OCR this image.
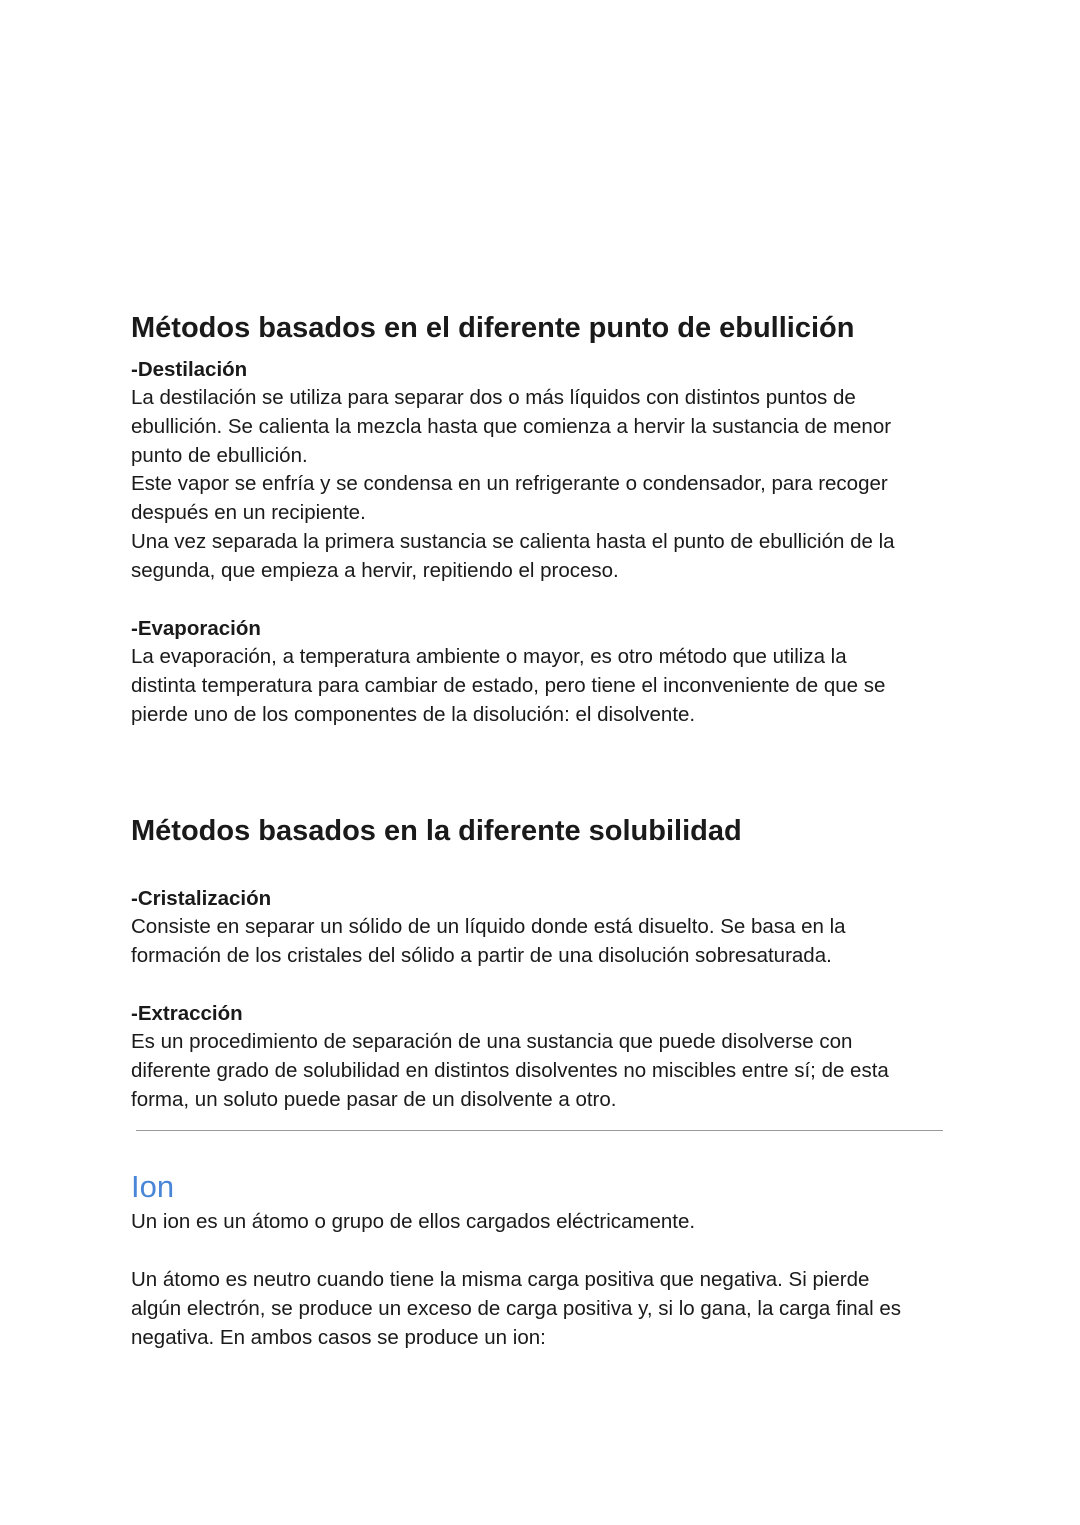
Métodos basados en el diferente punto de ebullición
-Destilación
La destilación se utiliza para separar dos o más líquidos con distintos puntos de
ebullición. Se calienta la mezcla hasta que comienza a hervir la sustancia de menor
punto de ebullición.
Este vapor se enfría y se condensa en un refrigerante o condensador, para recoger
después en un recipiente.
Una vez separada la primera sustancia se calienta hasta el punto de ebullición de la
segunda, que empieza a hervir, repitiendo el proceso.
-Evaporación
La evaporación, a temperatura ambiente o mayor, es otro método que utiliza la
distinta temperatura para cambiar de estado, pero tiene el inconveniente de que se
pierde uno de los componentes de la disolución: el disolvente.
Métodos basados en la diferente solubilidad
-Cristalización
Consiste en separar un sólido de un líquido donde está disuelto. Se basa en la
formación de los cristales del sólido a partir de una disolución sobresaturada.
-Extracción
Es un procedimiento de separación de una sustancia que puede disolverse con
diferente grado de solubilidad en distintos disolventes no miscibles entre sí; de esta
forma, un soluto puede pasar de un disolvente a otro.
Ion
Un ion es un átomo o grupo de ellos cargados eléctricamente.
Un átomo es neutro cuando tiene la misma carga positiva que negativa. Si pierde
algún electrón, se produce un exceso de carga positiva y, si lo gana, la carga final es
negativa. En ambos casos se produce un ion:
